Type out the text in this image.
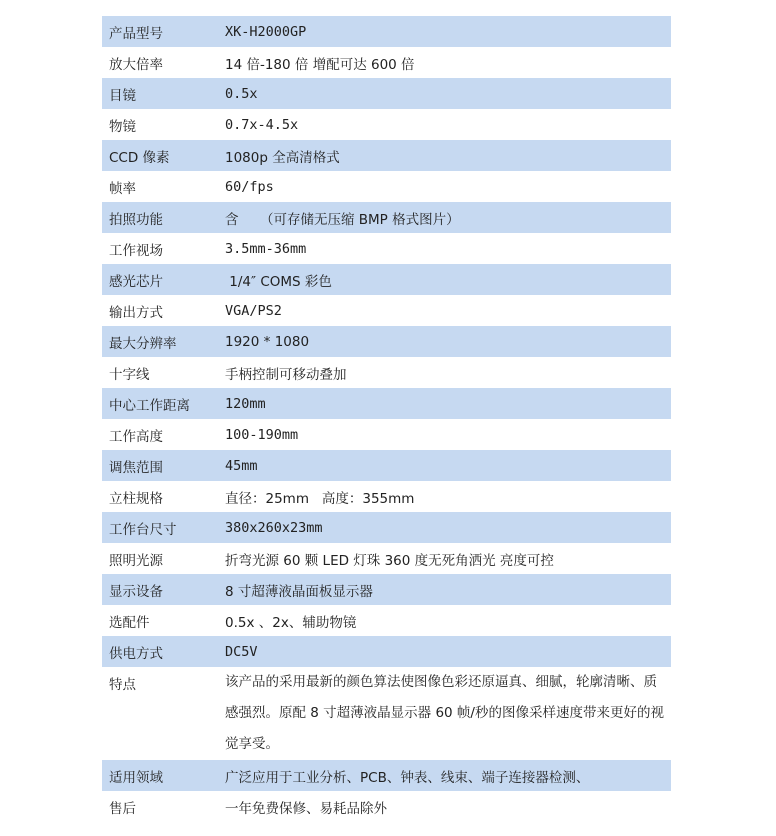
产品型号	XK-H2000GP
放大倍率	14 倍-180 倍 增配可达 600 倍
目镜	0.5x
物镜	0.7x-4.5x
CCD 像素	1080p 全高清格式
帧率	60/fps
拍照功能	含     （可存储无压缩 BMP 格式图片）
工作视场	3.5mm-36mm
感光芯片	1/4″ COMS 彩色
输出方式	VGA/PS2
最大分辨率	1920 * 1080
十字线	手柄控制可移动叠加
中心工作距离	120mm
工作高度	100-190mm
调焦范围	45mm
立柱规格	直径：25mm   高度：355mm
工作台尺寸	380x260x23mm
照明光源	折弯光源 60 颗 LED 灯珠 360 度无死角洒光 亮度可控
显示设备	8 寸超薄液晶面板显示器
选配件	0.5x 、2x、辅助物镜
供电方式	DC5V
特点	该产品的采用最新的颜色算法使图像色彩还原逼真、细腻，轮廓清晰、质感强烈。原配 8 寸超薄液晶显示器 60 帧/秒的图像采样速度带来更好的视觉享受。
适用领域	广泛应用于工业分析、PCB、钟表、线束、端子连接器检测、
售后	一年免费保修、易耗品除外
